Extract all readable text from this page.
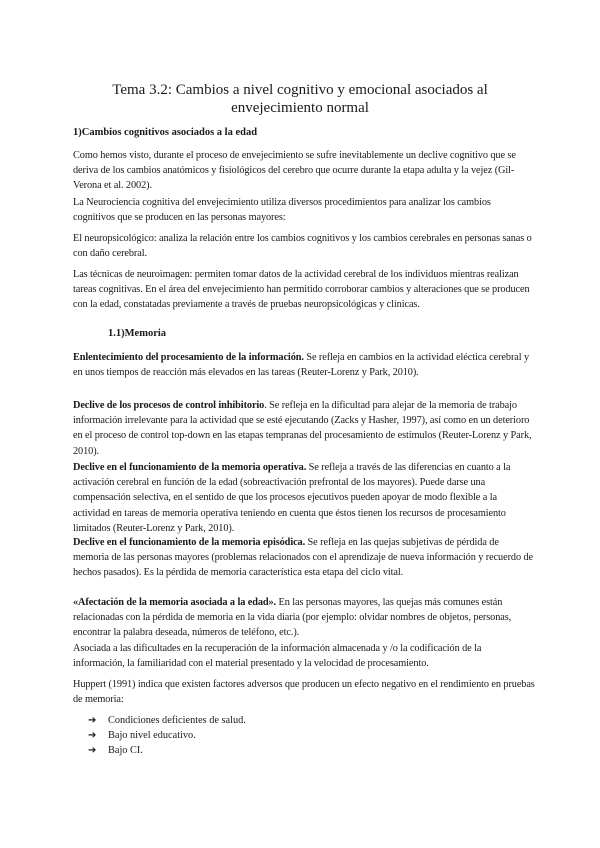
Tema 3.2: Cambios a nivel cognitivo y emocional asociados al envejecimiento normal

1)Cambios cognitivos asociados a la edad

Como hemos visto, durante el proceso de envejecimiento se sufre inevitablemente un declive cognitivo que se deriva de los cambios anatómicos y fisiológicos del cerebro que ocurre durante la etapa adulta y la vejez (Gil-Verona et al. 2002).

La Neurociencia cognitiva del envejecimiento utiliza diversos procedimientos para analizar los cambios cognitivos que se producen en las personas mayores:

El neuropsicológico: analiza la relación entre los cambios cognitivos y los cambios cerebrales en personas sanas o con daño cerebral.

Las técnicas de neuroimagen: permiten tomar datos de la actividad cerebral de los individuos mientras realizan tareas cognitivas. En el área del envejecimiento han permitido corroborar cambios y alteraciones que se producen con la edad, constatadas previamente a través de pruebas neuropsicológicas y clínicas.

1.1)Memoria

Enlentecimiento del procesamiento de la información. Se refleja en cambios en la actividad eléctica cerebral y en unos tiempos de reacción más elevados en las tareas (Reuter-Lorenz y Park, 2010).

Declive de los procesos de control inhibitorio. Se refleja en la dificultad para alejar de la memoria de trabajo información irrelevante para la actividad que se esté ejecutando (Zacks y Hasher, 1997), así como en un deterioro en el proceso de control top-down en las etapas tempranas del procesamiento de estímulos (Reuter-Lorenz y Park, 2010).

Declive en el funcionamiento de la memoria operativa. Se refleja a través de las diferencias en cuanto a la activación cerebral en función de la edad (sobreactivación prefrontal de los mayores). Puede darse una compensación selectiva, en el sentido de que los procesos ejecutivos pueden apoyar de modo flexible a la actividad en tareas de memoria operativa teniendo en cuenta que éstos tienen los recursos de procesamiento limitados (Reuter-Lorenz y Park, 2010).

Declive en el funcionamiento de la memoria episódica. Se refleja en las quejas subjetivas de pérdida de memoria de las personas mayores (problemas relacionados con el aprendizaje de nueva información y recuerdo de hechos pasados). Es la pérdida de memoria característica esta etapa del ciclo vital.

«Afectación de la memoria asociada a la edad». En las personas mayores, las quejas más comunes están relacionadas con la pérdida de memoria en la vida diaria (por ejemplo: olvidar nombres de objetos, personas, encontrar la palabra deseada, números de teléfono, etc.).

Asociada a las dificultades en la recuperación de la información almacenada y /o la codificación de la información, la familiaridad con el material presentado y la velocidad de procesamiento.

Huppert (1991) indica que existen factores adversos que producen un efecto negativo en el rendimiento en pruebas de memoria:

➔	Condiciones deficientes de salud.
➔	Bajo nivel educativo.
➔	Bajo CI.
